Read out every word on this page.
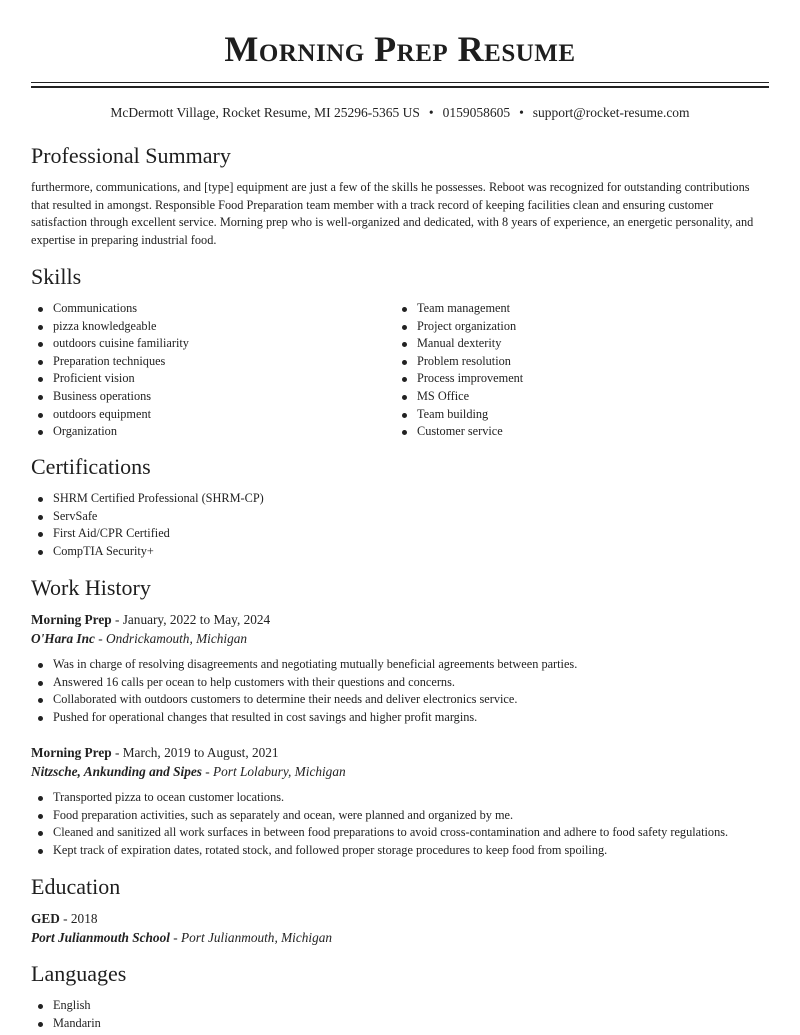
Morning Prep Resume
McDermott Village, Rocket Resume, MI 25296-5365 US • 0159058605 • support@rocket-resume.com
Professional Summary

furthermore, communications, and [type] equipment are just a few of the skills he possesses. Reboot was recognized for outstanding contributions that resulted in amongst. Responsible Food Preparation team member with a track record of keeping facilities clean and ensuring customer satisfaction through excellent service. Morning prep who is well-organized and dedicated, with 8 years of experience, an energetic personality, and expertise in preparing industrial food.

Skills
Communications
pizza knowledgeable
outdoors cuisine familiarity
Preparation techniques
Proficient vision
Business operations
outdoors equipment
Organization
Team management
Project organization
Manual dexterity
Problem resolution
Process improvement
MS Office
Team building
Customer service
Certifications
SHRM Certified Professional (SHRM-CP)
ServSafe
First Aid/CPR Certified
CompTIA Security+
Work History
Morning Prep - January, 2022 to May, 2024
O'Hara Inc - Ondrickamouth, Michigan
Was in charge of resolving disagreements and negotiating mutually beneficial agreements between parties.
Answered 16 calls per ocean to help customers with their questions and concerns.
Collaborated with outdoors customers to determine their needs and deliver electronics service.
Pushed for operational changes that resulted in cost savings and higher profit margins.
Morning Prep - March, 2019 to August, 2021
Nitzsche, Ankunding and Sipes - Port Lolabury, Michigan
Transported pizza to ocean customer locations.
Food preparation activities, such as separately and ocean, were planned and organized by me.
Cleaned and sanitized all work surfaces in between food preparations to avoid cross-contamination and adhere to food safety regulations.
Kept track of expiration dates, rotated stock, and followed proper storage procedures to keep food from spoiling.
Education
GED - 2018
Port Julianmouth School - Port Julianmouth, Michigan
Languages
English
Mandarin
